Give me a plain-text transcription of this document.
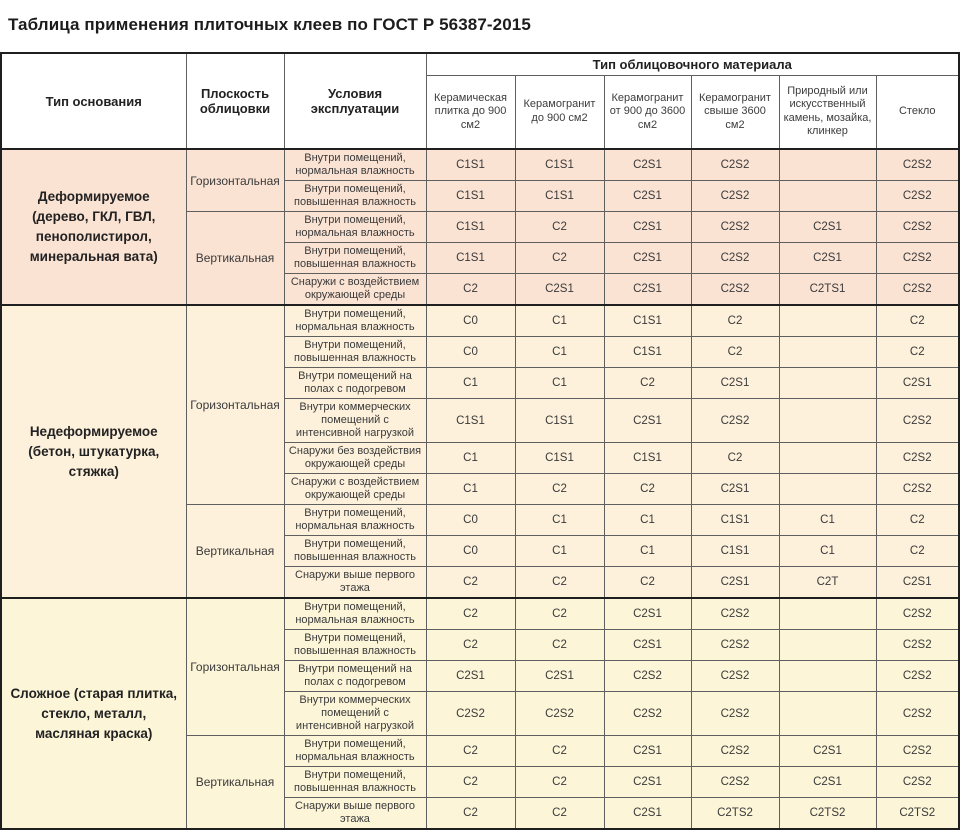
Таблица применения плиточных клеев по ГОСТ Р 56387-2015
Тип основания	Плоскость облицовки	Условия эксплуатации	Тип облицовочного материала					
			Керамическая плитка до 900 см2	Керамогранит до 900 см2	Керамогранит от 900 до 3600 см2	Керамогранит свыше 3600 см2	Природный или искусственный камень, мозайка, клинкер	Стекло
Деформируемое (дерево, ГКЛ, ГВЛ, пенополистирол, минеральная вата)	Горизонтальная	Внутри помещений, нормальная влажность	C1S1	C1S1	C2S1	C2S2		C2S2
		Внутри помещений, повышенная влажность	C1S1	C1S1	C2S1	C2S2		C2S2
	Вертикальная	Внутри помещений, нормальная влажность	C1S1	C2	C2S1	C2S2	C2S1	C2S2
		Внутри помещений, повышенная влажность	C1S1	C2	C2S1	C2S2	C2S1	C2S2
		Снаружи с воздействием окружающей среды	C2	C2S1	C2S1	C2S2	C2TS1	C2S2
Недеформируемое (бетон, штукатурка, стяжка)	Горизонтальная	Внутри помещений, нормальная влажность	C0	C1	C1S1	C2		C2
		Внутри помещений, повышенная влажность	C0	C1	C1S1	C2		C2
		Внутри помещений на полах с подогревом	C1	C1	C2	C2S1		C2S1
		Внутри коммерческих помещений с интенсивной нагрузкой	C1S1	C1S1	C2S1	C2S2		C2S2
		Снаружи без воздействия окружающей среды	C1	C1S1	C1S1	C2		C2S2
		Снаружи с воздействием окружающей среды	C1	C2	C2	C2S1		C2S2
	Вертикальная	Внутри помещений, нормальная влажность	C0	C1	C1	C1S1	C1	C2
		Внутри помещений, повышенная влажность	C0	C1	C1	C1S1	C1	C2
		Снаружи выше первого этажа	C2	C2	C2	C2S1	C2T	C2S1
Сложное (старая плитка, стекло, металл, масляная краска)	Горизонтальная	Внутри помещений, нормальная влажность	C2	C2	C2S1	C2S2		C2S2
		Внутри помещений, повышенная влажность	C2	C2	C2S1	C2S2		C2S2
		Внутри помещений на полах с подогревом	C2S1	C2S1	C2S2	C2S2		C2S2
		Внутри коммерческих помещений с интенсивной нагрузкой	C2S2	C2S2	C2S2	C2S2		C2S2
	Вертикальная	Внутри помещений, нормальная влажность	C2	C2	C2S1	C2S2	C2S1	C2S2
		Внутри помещений, повышенная влажность	C2	C2	C2S1	C2S2	C2S1	C2S2
		Снаружи выше первого этажа	C2	C2	C2S1	C2TS2	C2TS2	C2TS2
